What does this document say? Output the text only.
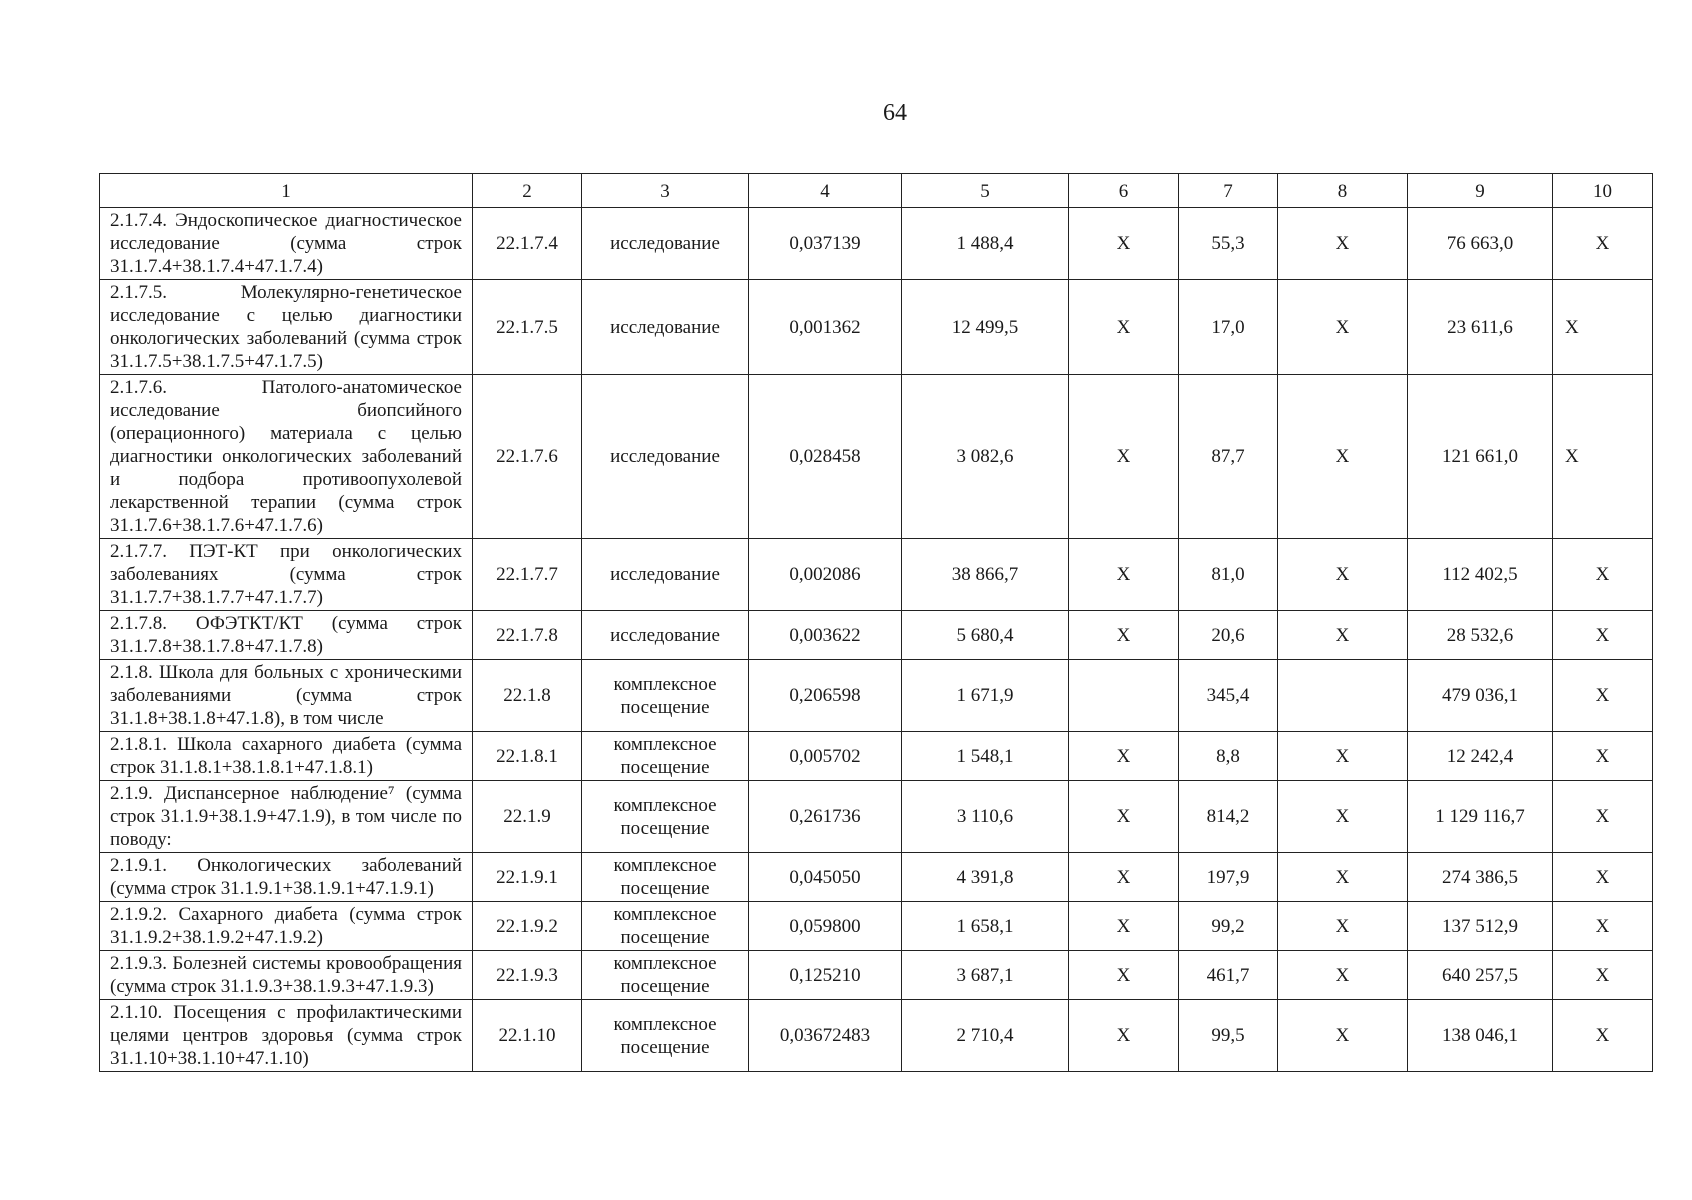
64
1	2	3	4	5	6	7	8	9	10
2.1.7.4. Эндоскопическое диагностическое исследование (сумма строк 31.1.7.4+38.1.7.4+47.1.7.4)	22.1.7.4	исследование	0,037139	1 488,4	X	55,3	X	76 663,0	X
2.1.7.5. Молекулярно-генетическое исследование с целью диагностики онкологических заболеваний (сумма строк 31.1.7.5+38.1.7.5+47.1.7.5)	22.1.7.5	исследование	0,001362	12 499,5	X	17,0	X	23 611,6	X
2.1.7.6. Патолого-анатомическое исследование биопсийного (операционного) материала с целью диагностики онкологических заболеваний и подбора противоопухолевой лекарственной терапии (сумма строк 31.1.7.6+38.1.7.6+47.1.7.6)	22.1.7.6	исследование	0,028458	3 082,6	X	87,7	X	121 661,0	X
2.1.7.7. ПЭТ-КТ при онкологических заболеваниях (сумма строк 31.1.7.7+38.1.7.7+47.1.7.7)	22.1.7.7	исследование	0,002086	38 866,7	X	81,0	X	112 402,5	X
2.1.7.8. ОФЭТКТ/КТ (сумма строк 31.1.7.8+38.1.7.8+47.1.7.8)	22.1.7.8	исследование	0,003622	5 680,4	X	20,6	X	28 532,6	X
2.1.8. Школа для больных с хроническими заболеваниями (сумма строк 31.1.8+38.1.8+47.1.8), в том числе	22.1.8	комплексное посещение	0,206598	1 671,9		345,4		479 036,1	X
2.1.8.1. Школа сахарного диабета (сумма строк 31.1.8.1+38.1.8.1+47.1.8.1)	22.1.8.1	комплексное посещение	0,005702	1 548,1	X	8,8	X	12 242,4	X
2.1.9. Диспансерное наблюдение⁷ (сумма строк 31.1.9+38.1.9+47.1.9), в том числе по поводу:	22.1.9	комплексное посещение	0,261736	3 110,6	X	814,2	X	1 129 116,7	X
2.1.9.1. Онкологических заболеваний (сумма строк 31.1.9.1+38.1.9.1+47.1.9.1)	22.1.9.1	комплексное посещение	0,045050	4 391,8	X	197,9	X	274 386,5	X
2.1.9.2. Сахарного диабета (сумма строк 31.1.9.2+38.1.9.2+47.1.9.2)	22.1.9.2	комплексное посещение	0,059800	1 658,1	X	99,2	X	137 512,9	X
2.1.9.3. Болезней системы кровообращения (сумма строк 31.1.9.3+38.1.9.3+47.1.9.3)	22.1.9.3	комплексное посещение	0,125210	3 687,1	X	461,7	X	640 257,5	X
2.1.10. Посещения с профилактическими целями центров здоровья (сумма строк 31.1.10+38.1.10+47.1.10)	22.1.10	комплексное посещение	0,03672483	2 710,4	X	99,5	X	138 046,1	X
